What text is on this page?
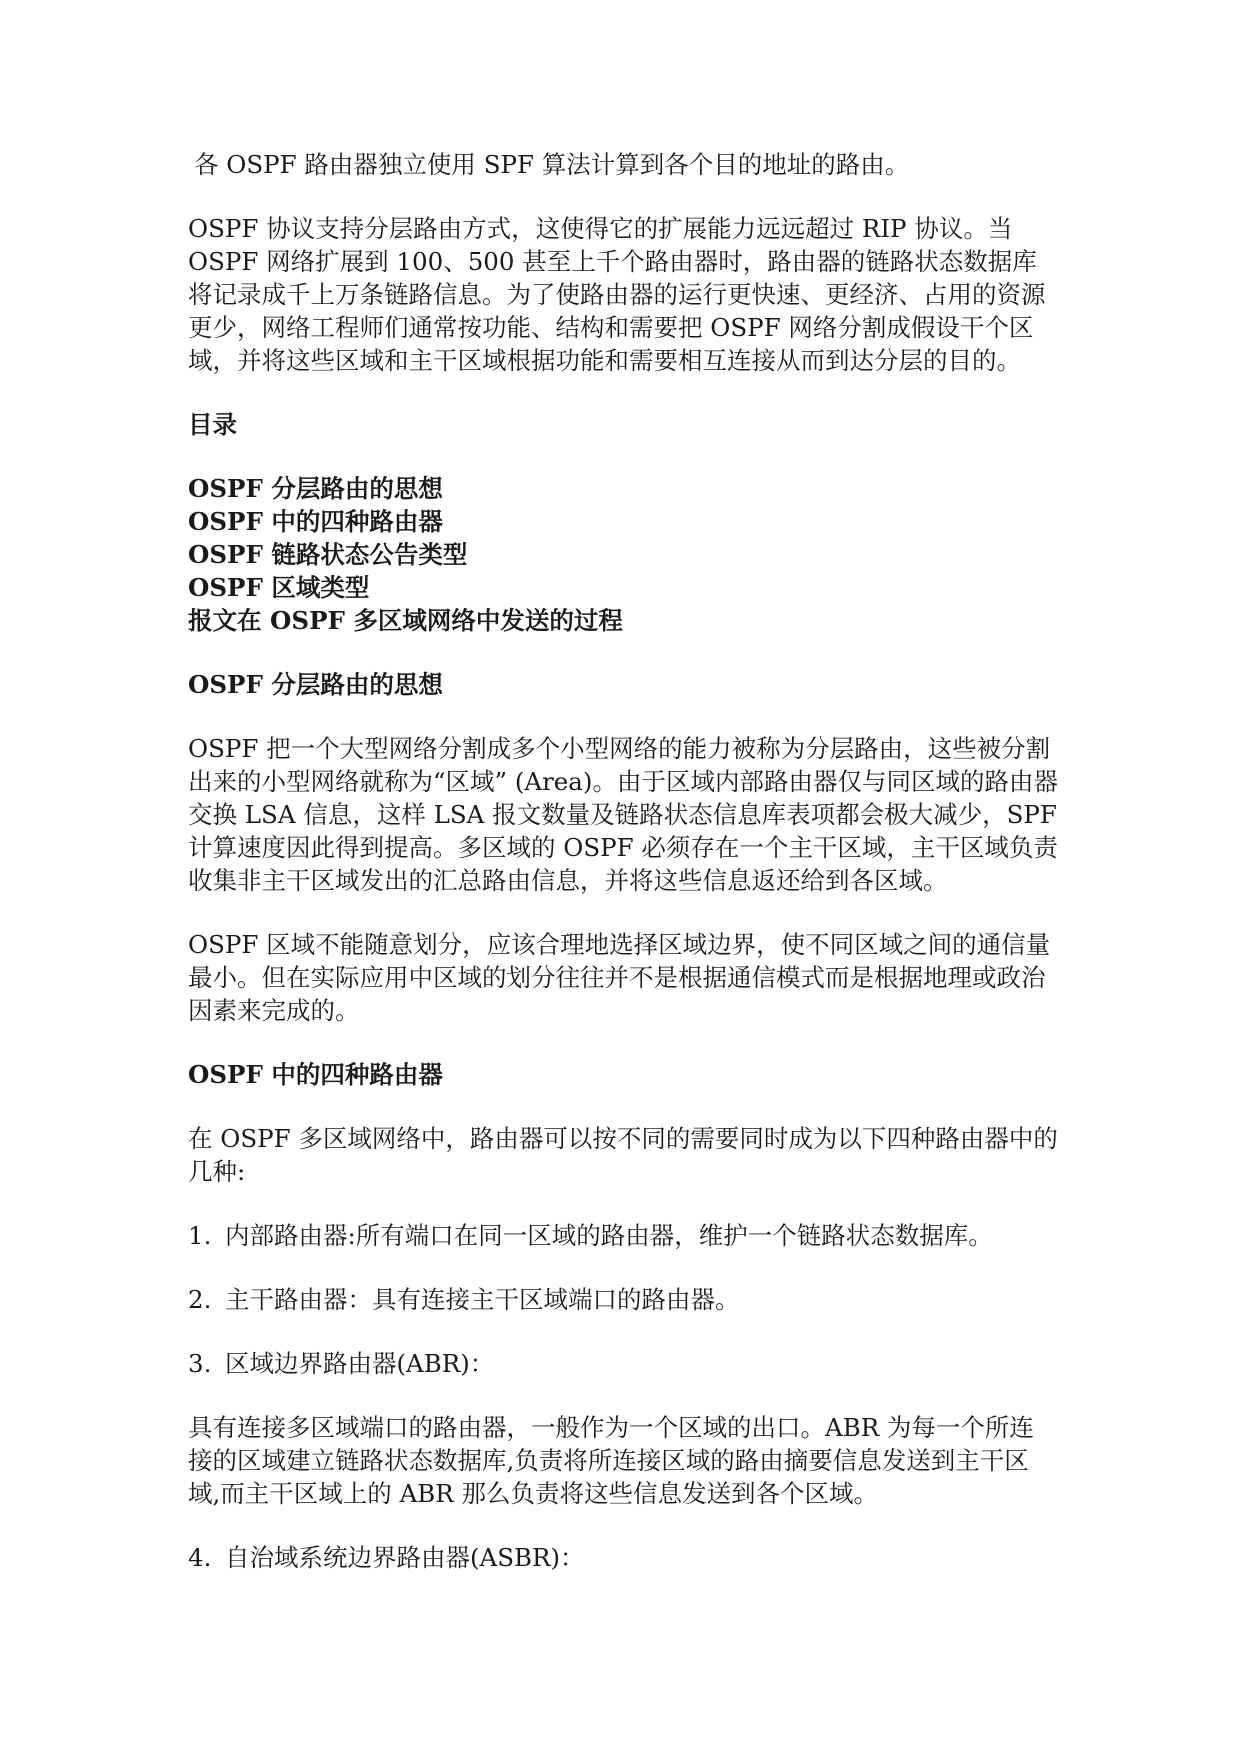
各 OSPF 路由器独立使用 SPF 算法计算到各个目的地址的路由。

OSPF 协议支持分层路由方式，这使得它的扩展能力远远超过 RIP 协议。当 OSPF 网络扩展到 100、500 甚至上千个路由器时，路由器的链路状态数据库将记录成千上万条链路信息。为了使路由器的运行更快速、更经济、占用的资源更少，网络工程师们通常按功能、结构和需要把 OSPF 网络分割成假设干个区域，并将这些区域和主干区域根据功能和需要相互连接从而到达分层的目的。

目录

OSPF 分层路由的思想

OSPF 中的四种路由器

OSPF 链路状态公告类型

OSPF 区域类型

报文在 OSPF 多区域网络中发送的过程

OSPF 分层路由的思想

OSPF 把一个大型网络分割成多个小型网络的能力被称为分层路由，这些被分割出来的小型网络就称为“区域” (Area)。由于区域内部路由器仅与同区域的路由器交换 LSA 信息，这样 LSA 报文数量及链路状态信息库表项都会极大减少，SPF 计算速度因此得到提高。多区域的 OSPF 必须存在一个主干区域，主干区域负责收集非主干区域发出的汇总路由信息，并将这些信息返还给到各区域。

OSPF 区域不能随意划分，应该合理地选择区域边界，使不同区域之间的通信量最小。但在实际应用中区域的划分往往并不是根据通信模式而是根据地理或政治因素来完成的。

OSPF 中的四种路由器

在 OSPF 多区域网络中，路由器可以按不同的需要同时成为以下四种路由器中的几种:

1. 内部路由器:所有端口在同一区域的路由器，维护一个链路状态数据库。

2. 主干路由器：具有连接主干区域端口的路由器。

3. 区域边界路由器(ABR)：

具有连接多区域端口的路由器，一般作为一个区域的出口。ABR 为每一个所连接的区域建立链路状态数据库,负责将所连接区域的路由摘要信息发送到主干区域,而主干区域上的 ABR 那么负责将这些信息发送到各个区域。

4. 自治域系统边界路由器(ASBR)：
